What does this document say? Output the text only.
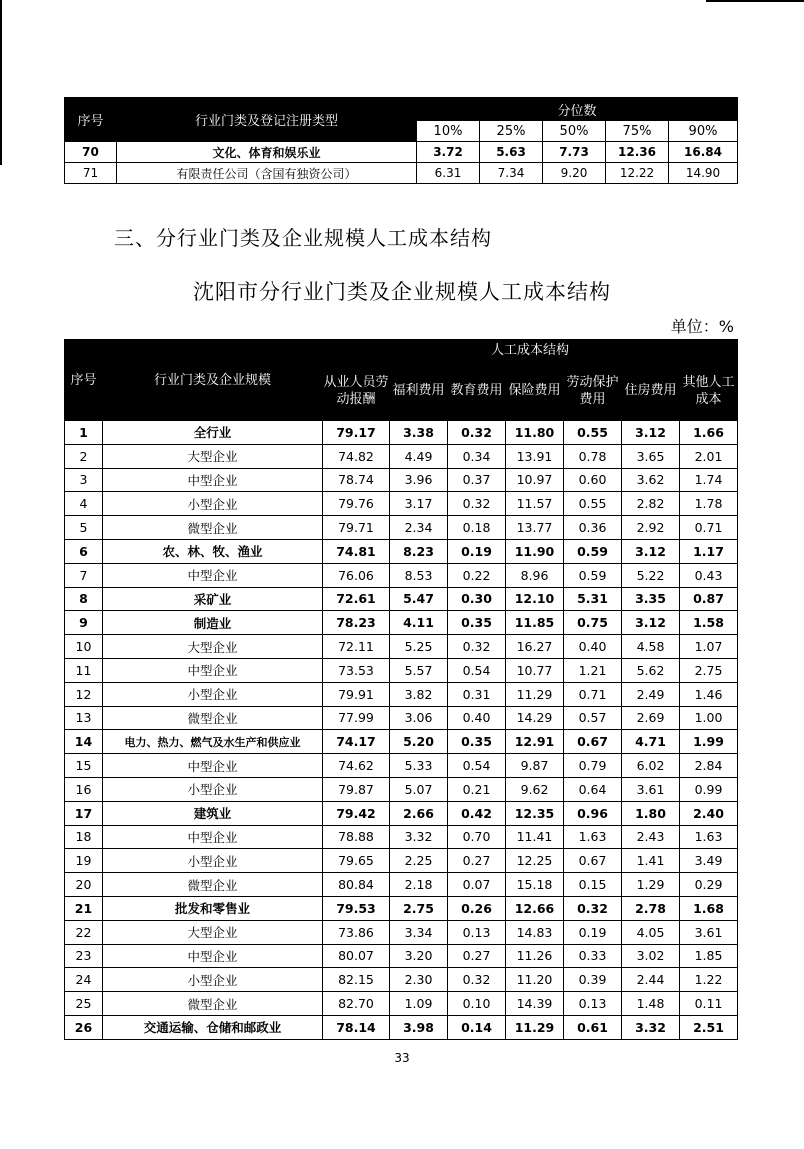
序号	行业门类及登记注册类型	分位数				
		10%	25%	50%	75%	90%
70	文化、体育和娱乐业	3.72	5.63	7.73	12.36	16.84
71	有限责任公司（含国有独资公司）	6.31	7.34	9.20	12.22	14.90
三、分行业门类及企业规模人工成本结构
沈阳市分行业门类及企业规模人工成本结构
单位：%
序号	行业门类及企业规模	人工成本结构						
		从业人员劳动报酬	福利费用	教育费用	保险费用	劳动保护费用	住房费用	其他人工成本
1	全行业	79.17	3.38	0.32	11.80	0.55	3.12	1.66
2	大型企业	74.82	4.49	0.34	13.91	0.78	3.65	2.01
3	中型企业	78.74	3.96	0.37	10.97	0.60	3.62	1.74
4	小型企业	79.76	3.17	0.32	11.57	0.55	2.82	1.78
5	微型企业	79.71	2.34	0.18	13.77	0.36	2.92	0.71
6	农、林、牧、渔业	74.81	8.23	0.19	11.90	0.59	3.12	1.17
7	中型企业	76.06	8.53	0.22	8.96	0.59	5.22	0.43
8	采矿业	72.61	5.47	0.30	12.10	5.31	3.35	0.87
9	制造业	78.23	4.11	0.35	11.85	0.75	3.12	1.58
10	大型企业	72.11	5.25	0.32	16.27	0.40	4.58	1.07
11	中型企业	73.53	5.57	0.54	10.77	1.21	5.62	2.75
12	小型企业	79.91	3.82	0.31	11.29	0.71	2.49	1.46
13	微型企业	77.99	3.06	0.40	14.29	0.57	2.69	1.00
14	电力、热力、燃气及水生产和供应业	74.17	5.20	0.35	12.91	0.67	4.71	1.99
15	中型企业	74.62	5.33	0.54	9.87	0.79	6.02	2.84
16	小型企业	79.87	5.07	0.21	9.62	0.64	3.61	0.99
17	建筑业	79.42	2.66	0.42	12.35	0.96	1.80	2.40
18	中型企业	78.88	3.32	0.70	11.41	1.63	2.43	1.63
19	小型企业	79.65	2.25	0.27	12.25	0.67	1.41	3.49
20	微型企业	80.84	2.18	0.07	15.18	0.15	1.29	0.29
21	批发和零售业	79.53	2.75	0.26	12.66	0.32	2.78	1.68
22	大型企业	73.86	3.34	0.13	14.83	0.19	4.05	3.61
23	中型企业	80.07	3.20	0.27	11.26	0.33	3.02	1.85
24	小型企业	82.15	2.30	0.32	11.20	0.39	2.44	1.22
25	微型企业	82.70	1.09	0.10	14.39	0.13	1.48	0.11
26	交通运输、仓储和邮政业	78.14	3.98	0.14	11.29	0.61	3.32	2.51
33
